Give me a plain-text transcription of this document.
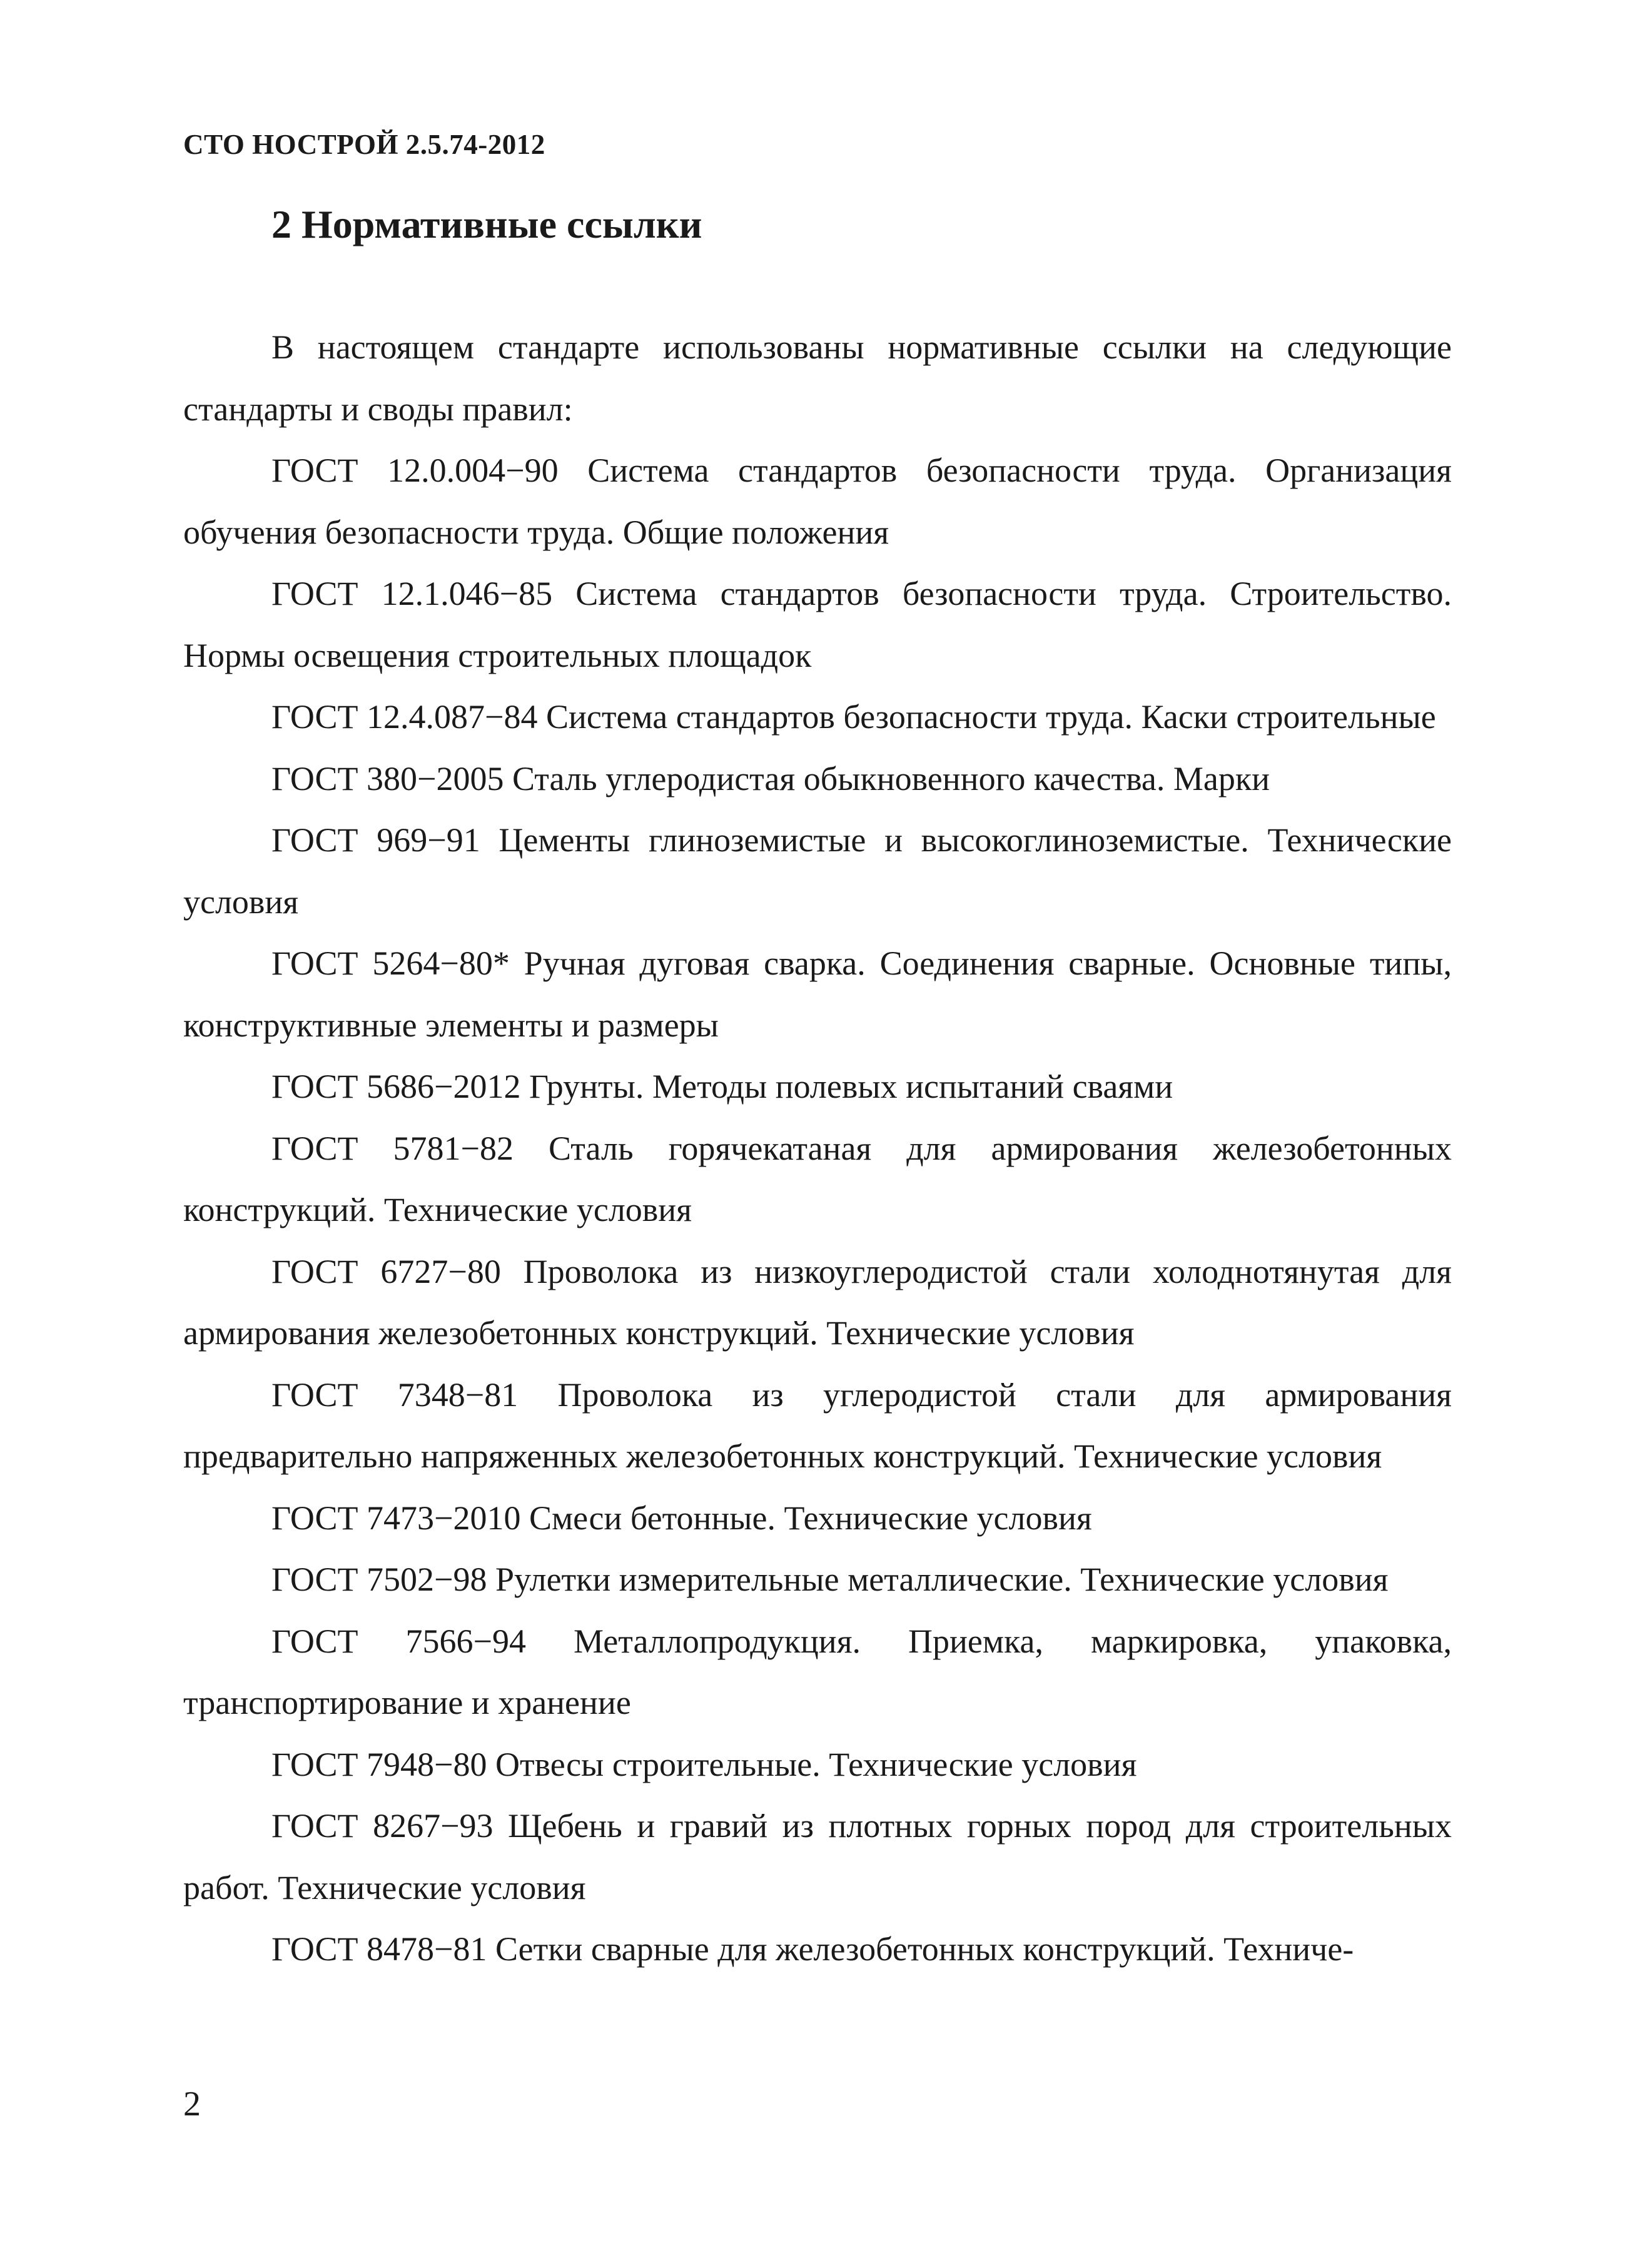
СТО НОСТРОЙ 2.5.74-2012
2 Нормативные ссылки

В настоящем стандарте использованы нормативные ссылки на следующие стандарты и своды правил:

ГОСТ 12.0.004−90 Система стандартов безопасности труда. Организация обучения безопасности труда. Общие положения

ГОСТ 12.1.046−85 Система стандартов безопасности труда. Строительство. Нормы освещения строительных площадок

ГОСТ 12.4.087−84 Система стандартов безопасности труда. Каски строительные

ГОСТ 380−2005 Сталь углеродистая обыкновенного качества. Марки

ГОСТ 969−91 Цементы глиноземистые и высокоглиноземистые. Технические условия

ГОСТ 5264−80* Ручная дуговая сварка. Соединения сварные. Основные типы, конструктивные элементы и размеры

ГОСТ 5686−2012 Грунты. Методы полевых испытаний сваями

ГОСТ 5781−82 Сталь горячекатаная для армирования железобетонных конструкций. Технические условия

ГОСТ 6727−80 Проволока из низкоуглеродистой стали холоднотянутая для армирования железобетонных конструкций. Технические условия

ГОСТ 7348−81 Проволока из углеродистой стали для армирования предварительно напряженных железобетонных конструкций. Технические условия

ГОСТ 7473−2010 Смеси бетонные. Технические условия

ГОСТ 7502−98 Рулетки измерительные металлические. Технические условия

ГОСТ 7566−94 Металлопродукция. Приемка, маркировка, упаковка, транспортирование и хранение

ГОСТ 7948−80 Отвесы строительные. Технические условия

ГОСТ 8267−93 Щебень и гравий из плотных горных пород для строительных работ. Технические условия

ГОСТ 8478−81 Сетки сварные для железобетонных конструкций. Техниче-

2
